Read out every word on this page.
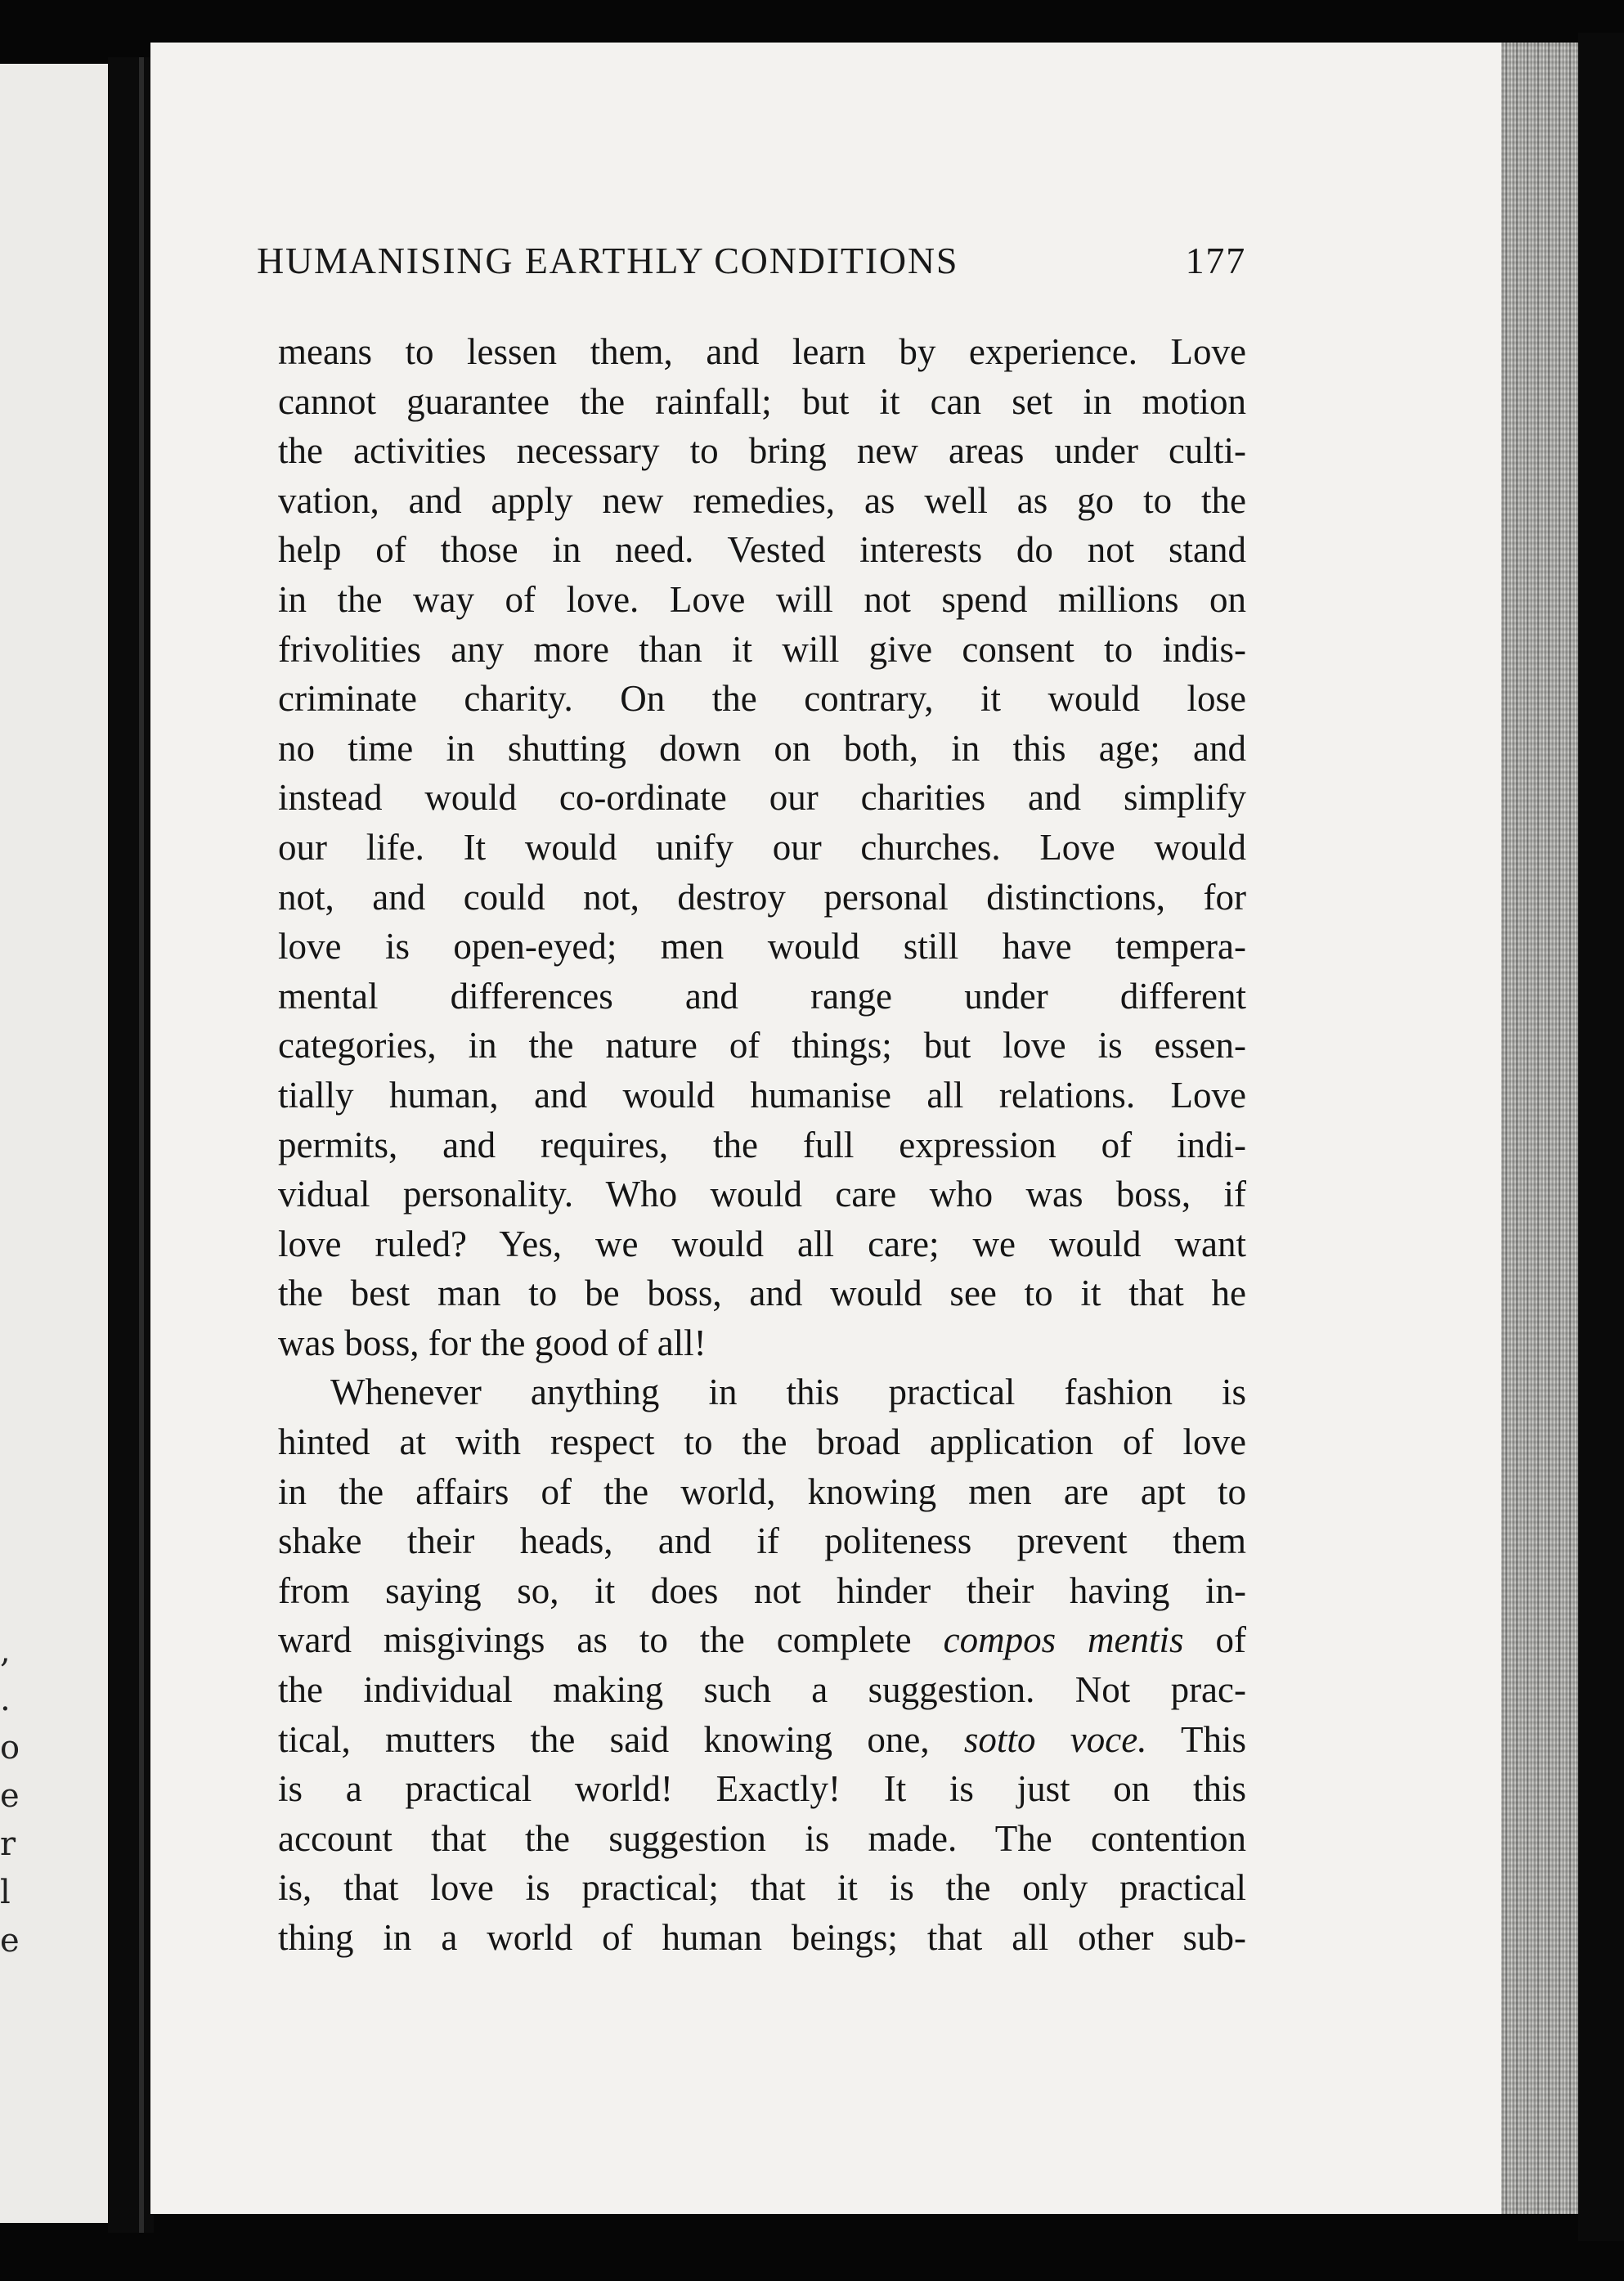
,
.
o
e
r
l
e
HUMANISING EARTHLY CONDITIONS	177
means to lessen them, and learn by experience. Love
cannot guarantee the rainfall; but it can set in motion
the activities necessary to bring new areas under culti-
vation, and apply new remedies, as well as go to the
help of those in need. Vested interests do not stand
in the way of love. Love will not spend millions on
frivolities any more than it will give consent to indis-
criminate charity. On the contrary, it would lose
no time in shutting down on both, in this age; and
instead would co-ordinate our charities and simplify
our life. It would unify our churches. Love would
not, and could not, destroy personal distinctions, for
love is open-eyed; men would still have tempera-
mental differences and range under different
categories, in the nature of things; but love is essen-
tially human, and would humanise all relations. Love
permits, and requires, the full expression of indi-
vidual personality. Who would care who was boss, if
love ruled? Yes, we would all care; we would want
the best man to be boss, and would see to it that he
was boss, for the good of all!
Whenever anything in this practical fashion is
hinted at with respect to the broad application of love
in the affairs of the world, knowing men are apt to
shake their heads, and if politeness prevent them
from saying so, it does not hinder their having in-
ward misgivings as to the complete compos mentis of
the individual making such a suggestion. Not prac-
tical, mutters the said knowing one, sotto voce. This
is a practical world! Exactly! It is just on this
account that the suggestion is made. The contention
is, that love is practical; that it is the only practical
thing in a world of human beings; that all other sub-
